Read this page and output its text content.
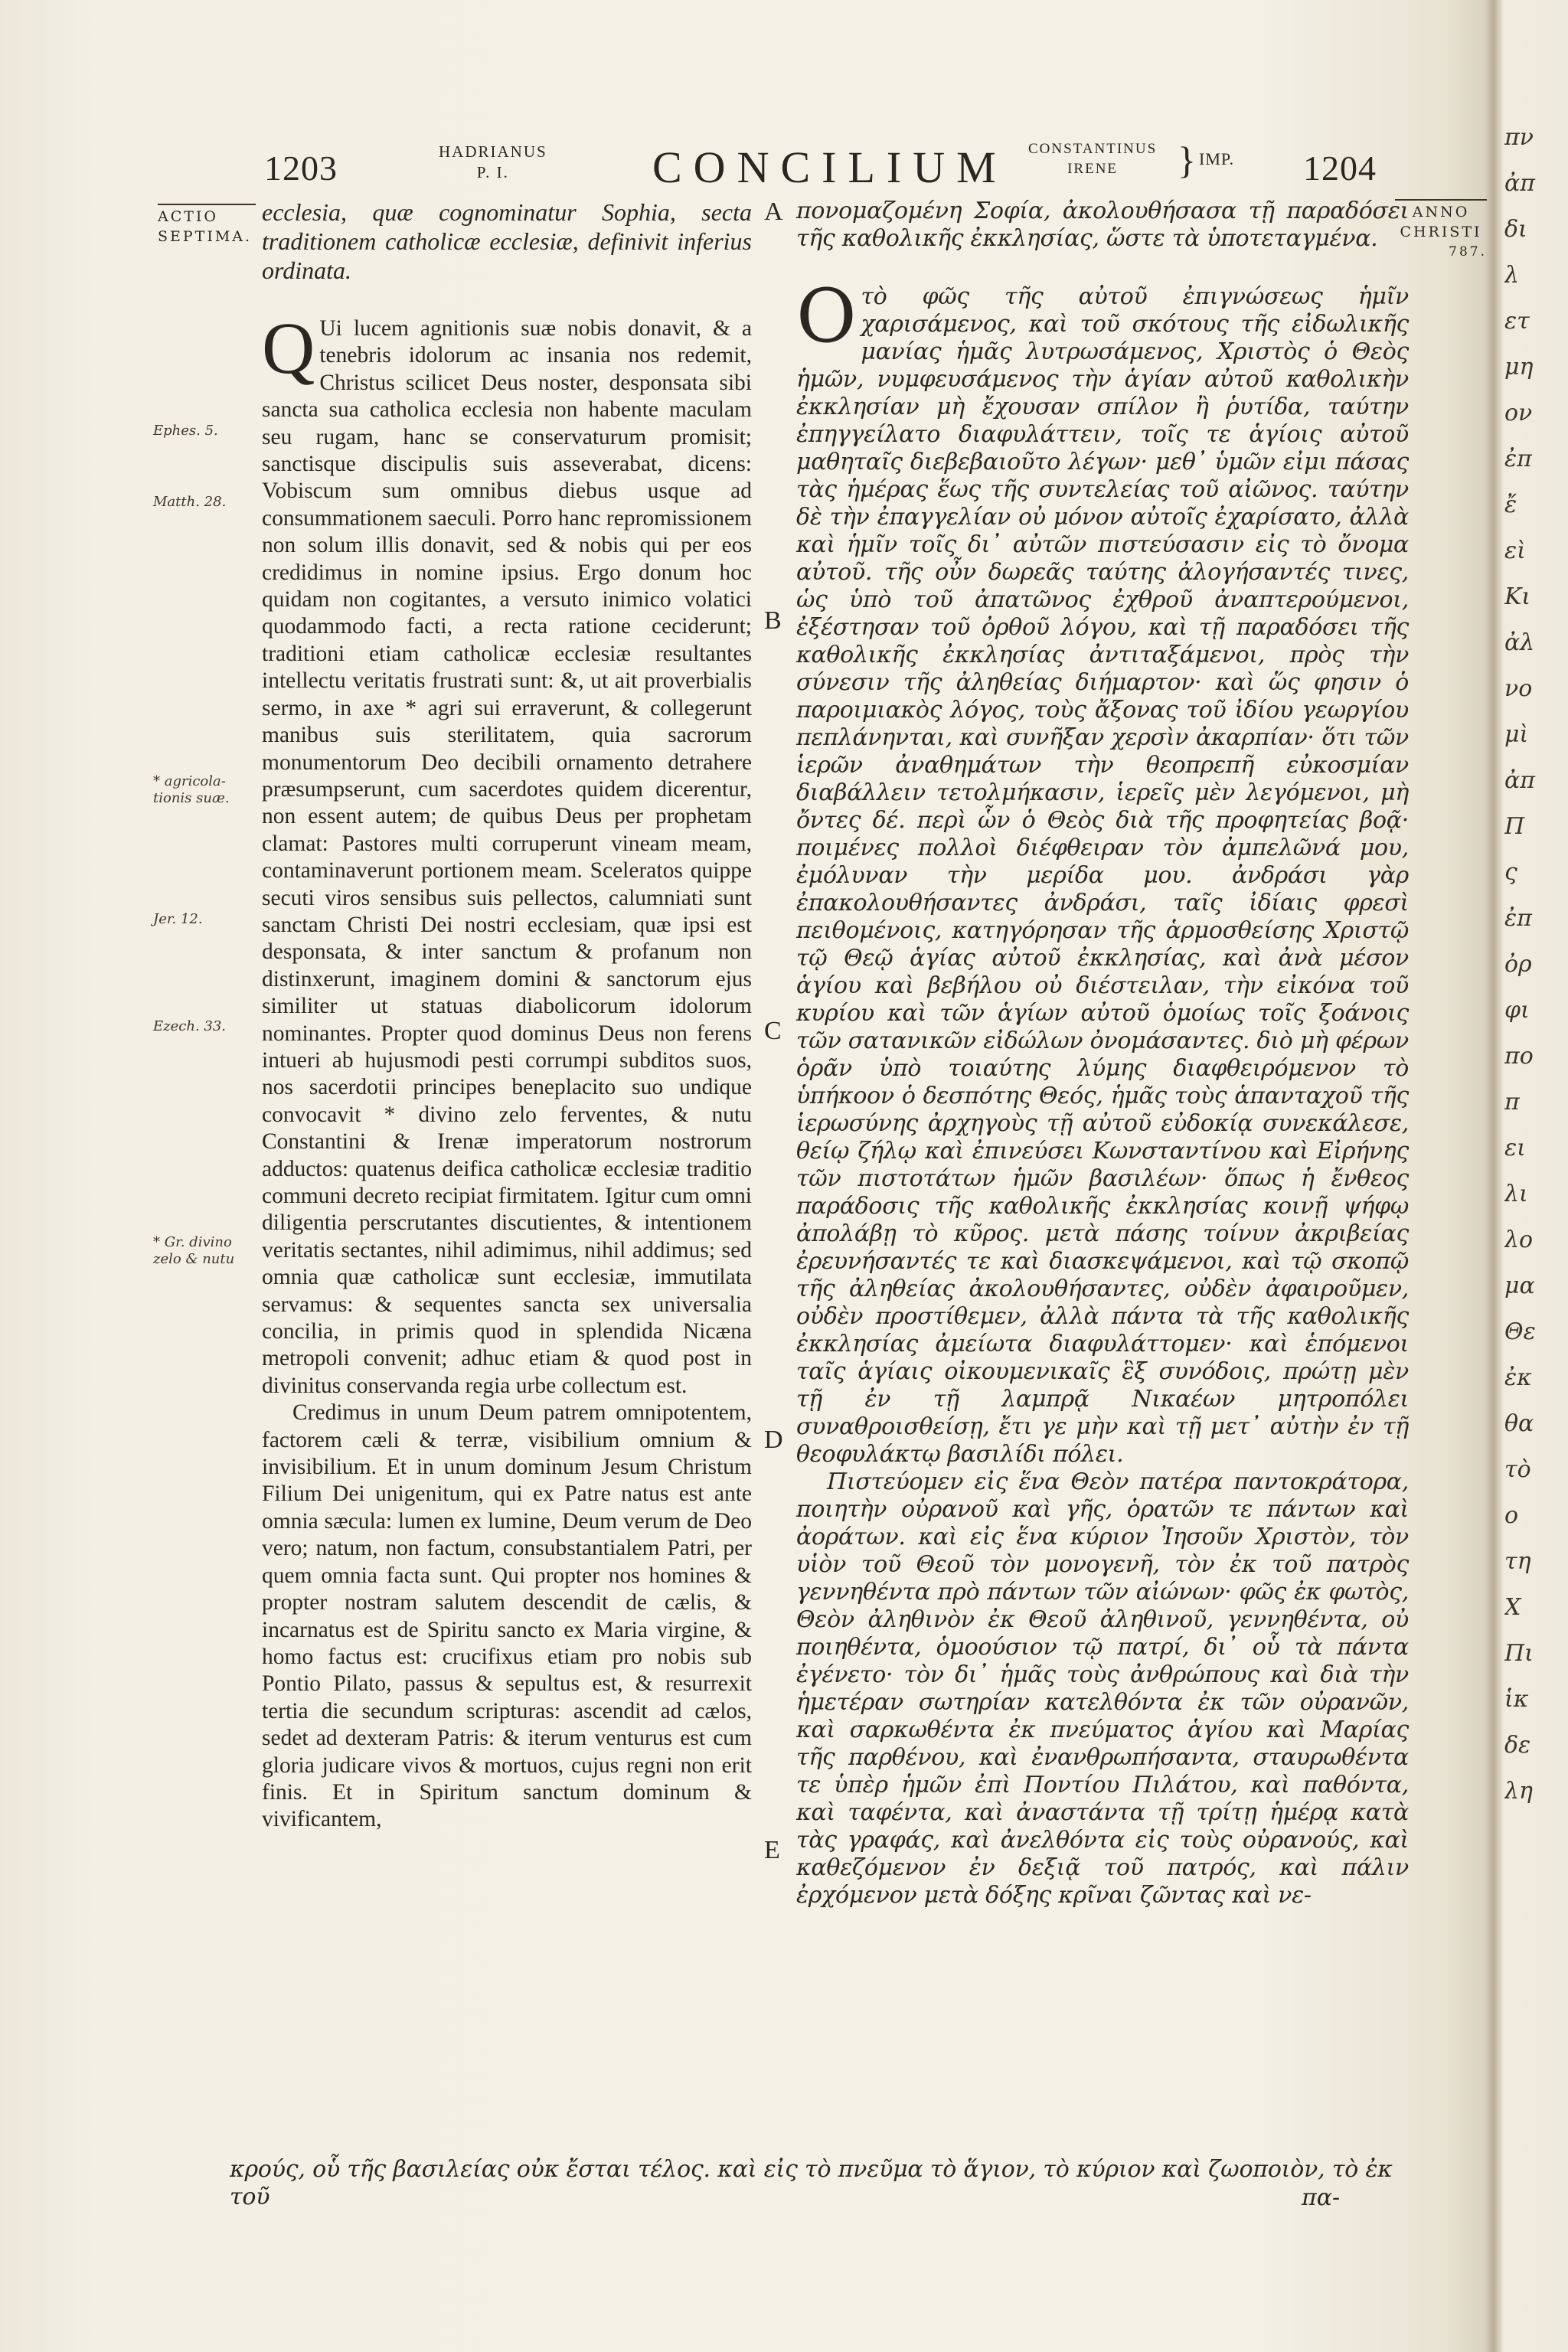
1203	HADRIANUS
P. I.	CONCILIUM CONSTANTINUS
IRENE	} IMP. 1204
ACTIO
SEPTIMA.
ANNO
CHRISTI
787.
Ephes. 5.
Matth. 28.
* agricola-tionis suæ.
Jer. 12.
Ezech. 33.
* Gr. divino zelo & nutu
A
B
C
D
E

ecclesia, quæ cognominatur Sophia, secta traditionem catholicæ ecclesiæ, definivit inferius ordinata.

Q Ui lucem agnitionis suæ nobis donavit, & a tenebris idolorum ac insania nos redemit, Christus scilicet Deus noster, desponsata sibi sancta sua catholica ecclesia non habente maculam seu rugam, hanc se conservaturum promisit; sanctisque discipulis suis asseverabat, dicens: Vobiscum sum omnibus diebus usque ad consummationem saeculi. Porro hanc repromissionem non solum illis donavit, sed & nobis qui per eos credidimus in nomine ipsius. Ergo donum hoc quidam non cogitantes, a versuto inimico volatici quodammodo facti, a recta ratione ceciderunt; traditioni etiam catholicæ ecclesiæ resultantes intellectu veritatis frustrati sunt: &, ut ait proverbialis sermo, in axe * agri sui erraverunt, & collegerunt manibus suis sterilitatem, quia sacrorum monumentorum Deo decibili ornamento detrahere præsumpserunt, cum sacerdotes quidem dicerentur, non essent autem; de quibus Deus per prophetam clamat: Pastores multi corruperunt vineam meam, contaminaverunt portionem meam. Sceleratos quippe secuti viros sensibus suis pellectos, calumniati sunt sanctam Christi Dei nostri ecclesiam, quæ ipsi est desponsata, & inter sanctum & profanum non distinxerunt, imaginem domini & sanctorum ejus similiter ut statuas diabolicorum idolorum nominantes. Propter quod dominus Deus non ferens intueri ab hujusmodi pesti corrumpi subditos suos, nos sacerdotii principes beneplacito suo undique convocavit * divino zelo ferventes, & nutu Constantini & Irenæ imperatorum nostrorum adductos: quatenus deifica catholicæ ecclesiæ traditio communi decreto recipiat firmitatem. Igitur cum omni diligentia perscrutantes discutientes, & intentionem veritatis sectantes, nihil adimimus, nihil addimus; sed omnia quæ catholicæ sunt ecclesiæ, immutilata servamus: & sequentes sancta sex universalia concilia, in primis quod in splendida Nicæna metropoli convenit; adhuc etiam & quod post in divinitus conservanda regia urbe collectum est.

Credimus in unum Deum patrem omnipotentem, factorem cæli & terræ, visibilium omnium & invisibilium. Et in unum dominum Jesum Christum Filium Dei unigenitum, qui ex Patre natus est ante omnia sæcula: lumen ex lumine, Deum verum de Deo vero; natum, non factum, consubstantialem Patri, per quem omnia facta sunt. Qui propter nos homines & propter nostram salutem descendit de cælis, & incarnatus est de Spiritu sancto ex Maria virgine, & homo factus est: crucifixus etiam pro nobis sub Pontio Pilato, passus & sepultus est, & resurrexit tertia die secundum scripturas: ascendit ad cælos, sedet ad dexteram Patris: & iterum venturus est cum gloria judicare vivos & mortuos, cujus regni non erit finis. Et in Spiritum sanctum dominum & vivificantem,

πονομαζομένη Σοφία, ἀκολουθήσασα τῇ παραδόσει τῆς καθολικῆς ἐκκλησίας, ὥστε τὰ ὑποτεταγμένα.

Οτὸ φῶς τῆς αὐτοῦ ἐπιγνώσεως ἡμῖν χαρισάμενος, καὶ τοῦ σκότους τῆς εἰδωλικῆς μανίας ἡμᾶς λυτρωσάμενος, Χριστὸς ὁ Θεὸς ἡμῶν, νυμφευσάμενος τὴν ἁγίαν αὐτοῦ καθολικὴν ἐκκλησίαν μὴ ἔχουσαν σπίλον ἢ ῥυτίδα, ταύτην ἐπηγγείλατο διαφυλάττειν, τοῖς τε ἁγίοις αὐτοῦ μαθηταῖς διεβεβαιοῦτο λέγων· μεθ᾽ ὑμῶν εἰμι πάσας τὰς ἡμέρας ἕως τῆς συντελείας τοῦ αἰῶνος. ταύτην δὲ τὴν ἐπαγγελίαν οὐ μόνον αὐτοῖς ἐχαρίσατο, ἀλλὰ καὶ ἡμῖν τοῖς δι᾽ αὐτῶν πιστεύσασιν εἰς τὸ ὄνομα αὐτοῦ. τῆς οὖν δωρεᾶς ταύτης ἀλογήσαντές τινες, ὡς ὑπὸ τοῦ ἀπατῶνος ἐχθροῦ ἀναπτερούμενοι, ἐξέστησαν τοῦ ὀρθοῦ λόγου, καὶ τῇ παραδόσει τῆς καθολικῆς ἐκκλησίας ἀντιταξάμενοι, πρὸς τὴν σύνεσιν τῆς ἀληθείας διήμαρτον· καὶ ὥς φησιν ὁ παροιμιακὸς λόγος, τοὺς ἄξονας τοῦ ἰδίου γεωργίου πεπλάνηνται, καὶ συνῆξαν χερσὶν ἀκαρπίαν· ὅτι τῶν ἱερῶν ἀναθημάτων τὴν θεοπρεπῆ εὐκοσμίαν διαβάλλειν τετολμήκασιν, ἱερεῖς μὲν λεγόμενοι, μὴ ὄντες δέ. περὶ ὧν ὁ Θεὸς διὰ τῆς προφητείας βοᾷ· ποιμένες πολλοὶ διέφθειραν τὸν ἀμπελῶνά μου, ἐμόλυναν τὴν μερίδα μου. ἀνδράσι γὰρ ἐπακολουθήσαντες ἀνδράσι, ταῖς ἰδίαις φρεσὶ πειθομένοις, κατηγόρησαν τῆς ἁρμοσθείσης Χριστῷ τῷ Θεῷ ἁγίας αὐτοῦ ἐκκλησίας, καὶ ἀνὰ μέσον ἁγίου καὶ βεβήλου οὐ διέστειλαν, τὴν εἰκόνα τοῦ κυρίου καὶ τῶν ἁγίων αὐτοῦ ὁμοίως τοῖς ξοάνοις τῶν σατανικῶν εἰδώλων ὀνομάσαντες. διὸ μὴ φέρων ὁρᾶν ὑπὸ τοιαύτης λύμης διαφθειρόμενον τὸ ὑπήκοον ὁ δεσπότης Θεός, ἡμᾶς τοὺς ἁπανταχοῦ τῆς ἱερωσύνης ἀρχηγοὺς τῇ αὐτοῦ εὐδοκίᾳ συνεκάλεσε, θείῳ ζήλῳ καὶ ἐπινεύσει Κωνσταντίνου καὶ Εἰρήνης τῶν πιστοτάτων ἡμῶν βασιλέων· ὅπως ἡ ἔνθεος παράδοσις τῆς καθολικῆς ἐκκλησίας κοινῇ ψήφῳ ἀπολάβῃ τὸ κῦρος. μετὰ πάσης τοίνυν ἀκριβείας ἐρευνήσαντές τε καὶ διασκεψάμενοι, καὶ τῷ σκοπῷ τῆς ἀληθείας ἀκολουθήσαντες, οὐδὲν ἀφαιροῦμεν, οὐδὲν προστίθεμεν, ἀλλὰ πάντα τὰ τῆς καθολικῆς ἐκκλησίας ἀμείωτα διαφυλάττομεν· καὶ ἑπόμενοι ταῖς ἁγίαις οἰκουμενικαῖς ἓξ συνόδοις, πρώτῃ μὲν τῇ ἐν τῇ λαμπρᾷ Νικαέων μητροπόλει συναθροισθείσῃ, ἔτι γε μὴν καὶ τῇ μετ᾽ αὐτὴν ἐν τῇ θεοφυλάκτῳ βασιλίδι πόλει.

Πιστεύομεν εἰς ἕνα Θεὸν πατέρα παντοκράτορα, ποιητὴν οὐρανοῦ καὶ γῆς, ὁρατῶν τε πάντων καὶ ἀοράτων. καὶ εἰς ἕνα κύριον Ἰησοῦν Χριστὸν, τὸν υἱὸν τοῦ Θεοῦ τὸν μονογενῆ, τὸν ἐκ τοῦ πατρὸς γεννηθέντα πρὸ πάντων τῶν αἰώνων· φῶς ἐκ φωτὸς, Θεὸν ἀληθινὸν ἐκ Θεοῦ ἀληθινοῦ, γεννηθέντα, οὐ ποιηθέντα, ὁμοούσιον τῷ πατρί, δι᾽ οὗ τὰ πάντα ἐγένετο· τὸν δι᾽ ἡμᾶς τοὺς ἀνθρώπους καὶ διὰ τὴν ἡμετέραν σωτηρίαν κατελθόντα ἐκ τῶν οὐρανῶν, καὶ σαρκωθέντα ἐκ πνεύματος ἁγίου καὶ Μαρίας τῆς παρθένου, καὶ ἐνανθρωπήσαντα, σταυρωθέντα τε ὑπὲρ ἡμῶν ἐπὶ Ποντίου Πιλάτου, καὶ παθόντα, καὶ ταφέντα, καὶ ἀναστάντα τῇ τρίτῃ ἡμέρᾳ κατὰ τὰς γραφάς, καὶ ἀνελθόντα εἰς τοὺς οὐρανούς, καὶ καθεζόμενον ἐν δεξιᾷ τοῦ πατρός, καὶ πάλιν ἐρχόμενον μετὰ δόξης κρῖναι ζῶντας καὶ νε-

κρούς, οὗ τῆς βασιλείας οὐκ ἔσται τέλος. καὶ εἰς τὸ πνεῦμα τὸ ἅγιον, τὸ κύριον καὶ ζωοποιὸν, τὸ ἐκ τοῦ	πα-
πν
ἀπ
δι
λ
ετ
μη
ον
ἐπ
ἔ
εὶ
Κι
ἀλ
νο
μὶ
ἀπ
Π
ς
ἐπ
ὀρ
φι
πο
π
ει
λι
λο
μα
Θε
ἐκ
θα
τὸ
ο
τη
Χ
Πι
ἱκ
δε
λη
